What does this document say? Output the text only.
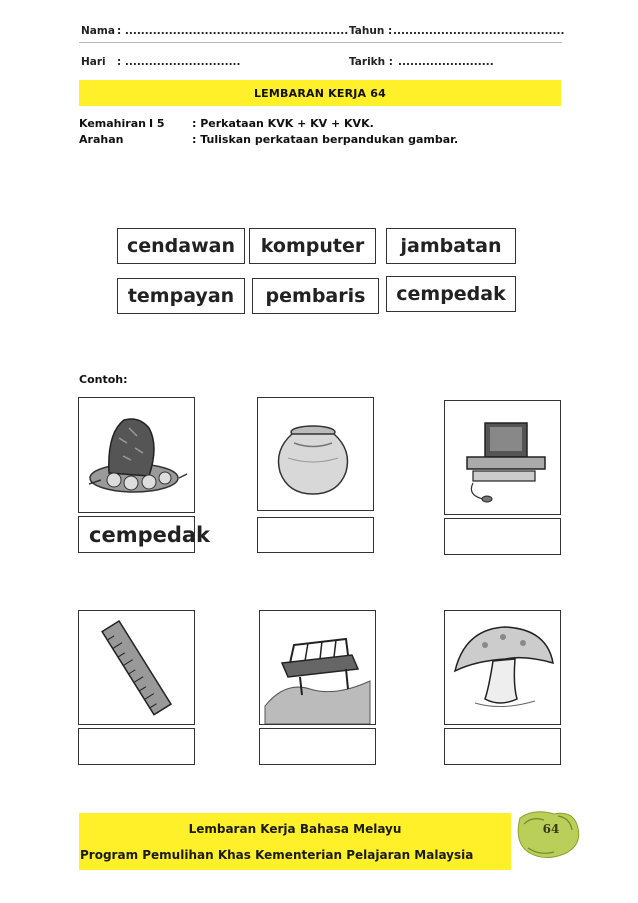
Nama : ........................................................ Tahun : ...........................................
Hari : .............................	Tarikh : ........................
LEMBARAN KERJA 64
Kemahiran I 5 : Perkataan KVK + KV + KVK.
Arahan	: Tuliskan perkataan berpandukan gambar.
cendawan	komputer	jambatan
tempayan	pembaris	cempedak
Contoh:
cempedak
Lembaran Kerja Bahasa Melayu
Program Pemulihan Khas Kementerian Pelajaran Malaysia
64
